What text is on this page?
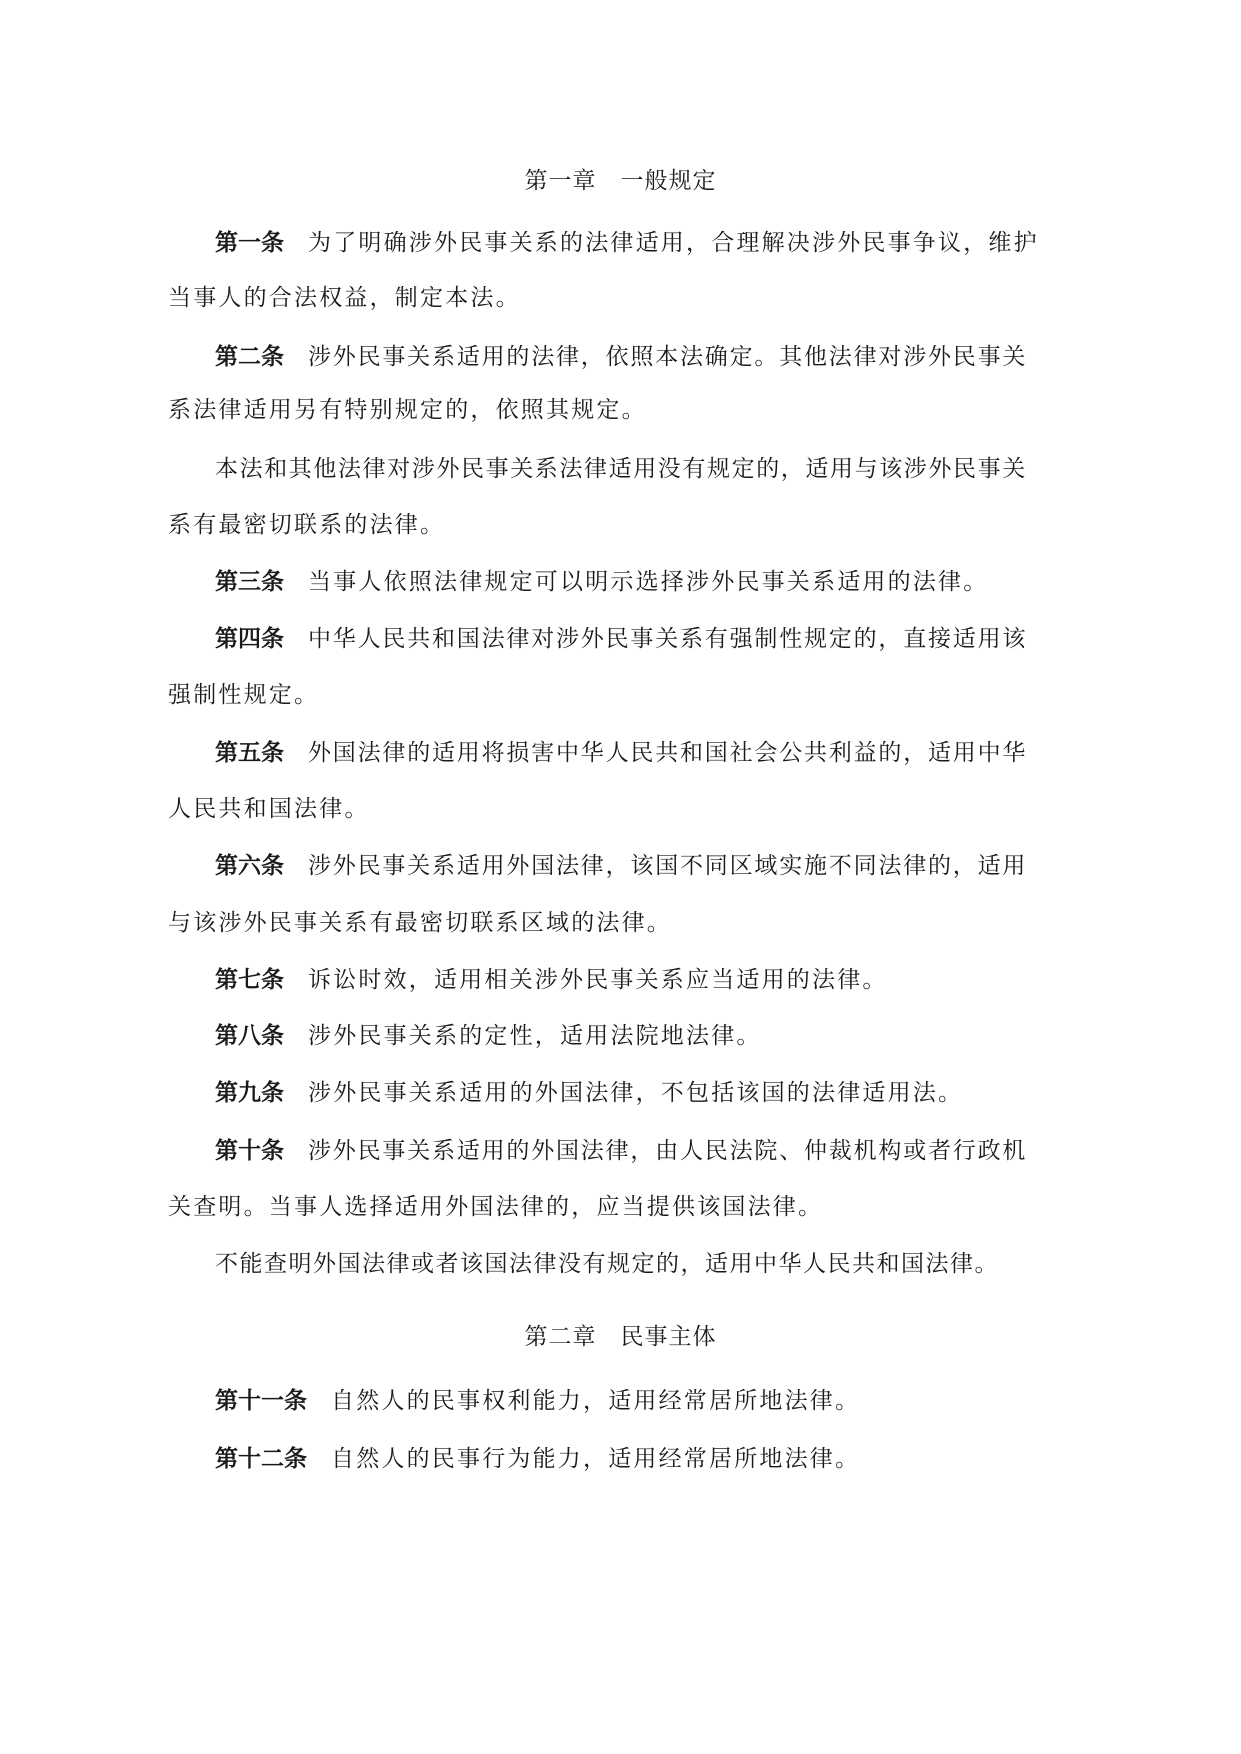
第一章　一般规定
第一条 为了明确涉外民事关系的法律适用，合理解决涉外民事争议，维护
当事人的合法权益，制定本法。
第二条 涉外民事关系适用的法律，依照本法确定。其他法律对涉外民事关
系法律适用另有特别规定的，依照其规定。
本法和其他法律对涉外民事关系法律适用没有规定的，适用与该涉外民事关
系有最密切联系的法律。
第三条 当事人依照法律规定可以明示选择涉外民事关系适用的法律。
第四条 中华人民共和国法律对涉外民事关系有强制性规定的，直接适用该
强制性规定。
第五条 外国法律的适用将损害中华人民共和国社会公共利益的，适用中华
人民共和国法律。
第六条 涉外民事关系适用外国法律，该国不同区域实施不同法律的，适用
与该涉外民事关系有最密切联系区域的法律。
第七条 诉讼时效，适用相关涉外民事关系应当适用的法律。
第八条 涉外民事关系的定性，适用法院地法律。
第九条 涉外民事关系适用的外国法律，不包括该国的法律适用法。
第十条 涉外民事关系适用的外国法律，由人民法院、仲裁机构或者行政机
关查明。当事人选择适用外国法律的，应当提供该国法律。
不能查明外国法律或者该国法律没有规定的，适用中华人民共和国法律。
第二章　民事主体
第十一条 自然人的民事权利能力，适用经常居所地法律。
第十二条 自然人的民事行为能力，适用经常居所地法律。
